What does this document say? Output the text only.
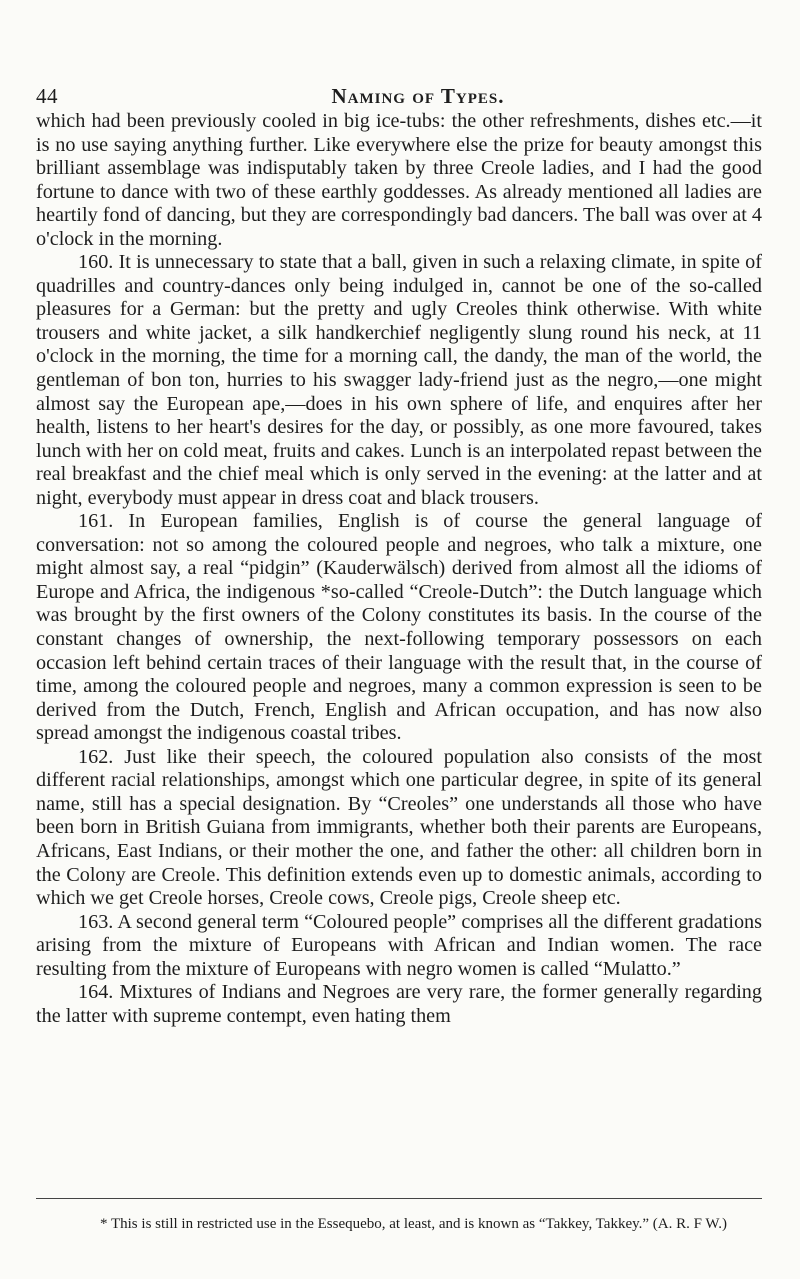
44	Naming of Types.

which had been previously cooled in big ice-tubs: the other refreshments, dishes etc.—it is no use saying anything further. Like everywhere else the prize for beauty amongst this brilliant assemblage was indisputably taken by three Creole ladies, and I had the good fortune to dance with two of these earthly goddesses. As already mentioned all ladies are heartily fond of dancing, but they are correspondingly bad dancers. The ball was over at 4 o'clock in the morning.

160. It is unnecessary to state that a ball, given in such a relaxing climate, in spite of quadrilles and country-dances only being indulged in, cannot be one of the so-called pleasures for a German: but the pretty and ugly Creoles think otherwise. With white trousers and white jacket, a silk handkerchief negligently slung round his neck, at 11 o'clock in the morning, the time for a morning call, the dandy, the man of the world, the gentleman of bon ton, hurries to his swagger lady-friend just as the negro,—one might almost say the European ape,—does in his own sphere of life, and enquires after her health, listens to her heart's desires for the day, or possibly, as one more favoured, takes lunch with her on cold meat, fruits and cakes. Lunch is an interpolated repast between the real breakfast and the chief meal which is only served in the evening: at the latter and at night, everybody must appear in dress coat and black trousers.

161. In European families, English is of course the general language of conversation: not so among the coloured people and negroes, who talk a mixture, one might almost say, a real “pidgin” (Kauderwälsch) derived from almost all the idioms of Europe and Africa, the indigenous *so-called “Creole-Dutch”: the Dutch language which was brought by the first owners of the Colony constitutes its basis. In the course of the constant changes of ownership, the next-following temporary possessors on each occasion left behind certain traces of their language with the result that, in the course of time, among the coloured people and negroes, many a common expression is seen to be derived from the Dutch, French, English and African occupation, and has now also spread amongst the indigenous coastal tribes.

162. Just like their speech, the coloured population also consists of the most different racial relationships, amongst which one particular degree, in spite of its general name, still has a special designation. By “Creoles” one understands all those who have been born in British Guiana from immigrants, whether both their parents are Europeans, Africans, East Indians, or their mother the one, and father the other: all children born in the Colony are Creole. This definition extends even up to domestic animals, according to which we get Creole horses, Creole cows, Creole pigs, Creole sheep etc.

163. A second general term “Coloured people” comprises all the different gradations arising from the mixture of Europeans with African and Indian women. The race resulting from the mixture of Europeans with negro women is called “Mulatto.”

164. Mixtures of Indians and Negroes are very rare, the former generally regarding the latter with supreme contempt, even hating them

* This is still in restricted use in the Essequebo, at least, and is known as “Takkey, Takkey.” (A. R. F W.)
